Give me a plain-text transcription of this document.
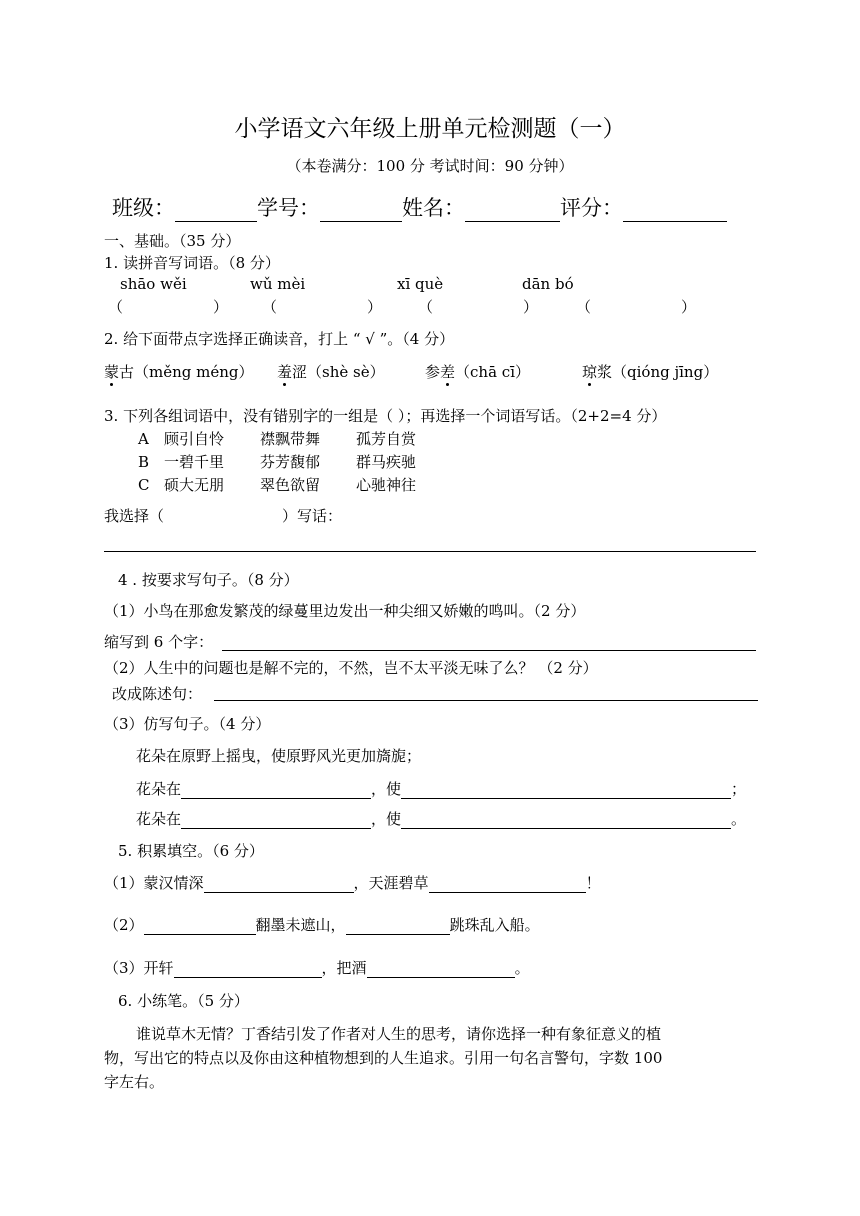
小学语文六年级上册单元检测题（一）
（本卷满分：100 分 考试时间：90 分钟）
班级：	学号：	姓名：	评分：
一、基础。（35 分）
1. 读拼音写词语。（8 分）
shāo wěi	wǔ mèi	xī què	dān bó
（	） （	） （	）	（	）
2. 给下面带点字选择正确读音，打上 “ √ ”。（4 分）
蒙古（měng méng） 羞涩（shè sè）	参差（chā cī）	琼浆（qióng jīng）
3. 下列各组词语中，没有错别字的一组是（ ）；再选择一个词语写话。（2+2=4 分）
A 顾引自怜 襟飘带舞 孤芳自赏
B 一碧千里 芬芳馥郁 群马疾驰
C 硕大无朋 翠色欲留 心驰神往
我选择（	）写话：
4 . 按要求写句子。（8 分）
（1）小鸟在那愈发繁茂的绿蔓里边发出一种尖细又娇嫩的鸣叫。（2 分）
缩写到 6 个字：
（2）人生中的问题也是解不完的，不然，岂不太平淡无味了么？ （2 分）
改成陈述句：
（3）仿写句子。（4 分）
花朵在原野上摇曳，使原野风光更加旖旎；
花朵在	，使	；
花朵在	，使	。
5. 积累填空。（6 分）
（1）蒙汉情深	，天涯碧草	！
（2）	翻墨未遮山，	跳珠乱入船。
（3）开轩	，把酒	。
6. 小练笔。（5 分）
谁说草木无情？丁香结引发了作者对人生的思考，请你选择一种有象征意义的植
物，写出它的特点以及你由这种植物想到的人生追求。引用一句名言警句，字数 100
字左右。
